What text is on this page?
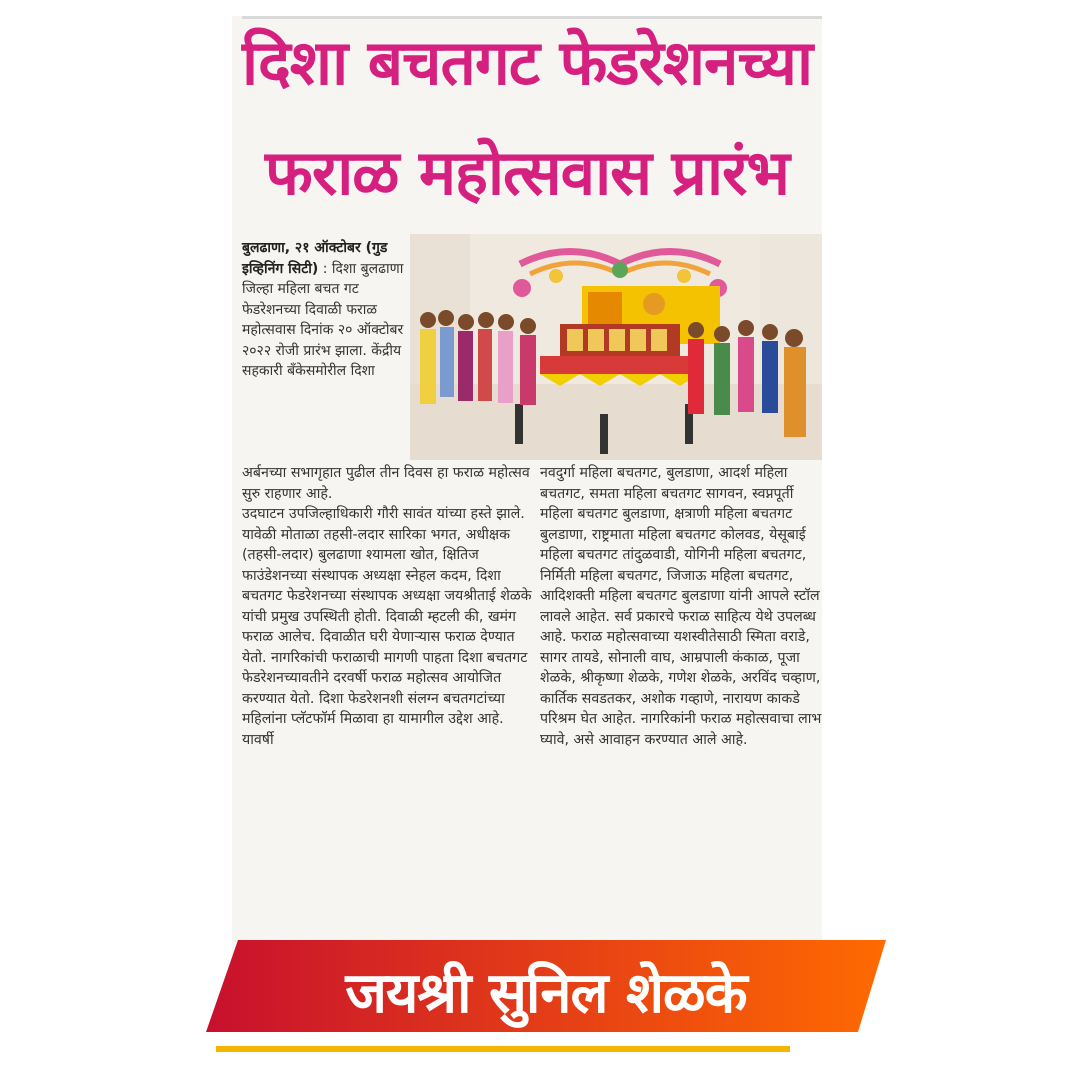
दिशा बचतगट फेडरेशनच्या
फराळ महोत्सवास प्रारंभ
बुलढाणा, २१ ऑक्टोबर (गुड इव्हिनिंग सिटी) : दिशा बुलढाणा जिल्हा महिला बचत गट फेडरेशनच्या दिवाळी फराळ महोत्सवास दिनांक २० ऑक्टोबर २०२२ रोजी प्रारंभ झाला. केंद्रीय सहकारी बँकेसमोरील दिशा
अर्बनच्या सभागृहात पुढील तीन दिवस हा फराळ महोत्सव सुरु राहणार आहे.
उदघाटन उपजिल्हाधिकारी गौरी सावंत यांच्या हस्ते झाले. यावेळी मोताळा तहसी-लदार सारिका भगत, अधीक्षक (तहसी-लदार) बुलढाणा श्यामला खोत, क्षितिज फाउंडेशनच्या संस्थापक अध्यक्षा स्नेहल कदम, दिशा बचतगट फेडरेशनच्या संस्थापक अध्यक्षा जयश्रीताई शेळके यांची प्रमुख उपस्थिती होती. दिवाळी म्हटली की, खमंग फराळ आलेच. दिवाळीत घरी येणाऱ्यास फराळ देण्यात येतो. नागरिकांची फराळाची मागणी पाहता दिशा बचतगट फेडरेशनच्यावतीने दरवर्षी फराळ महोत्सव आयोजित करण्यात येतो. दिशा फेडरेशनशी संलग्न बचतगटांच्या महिलांना प्लॅटफॉर्म मिळावा हा यामागील उद्देश आहे. यावर्षी
नवदुर्गा महिला बचतगट, बुलडाणा, आदर्श महिला बचतगट, समता महिला बचतगट सागवन, स्वप्नपूर्ती महिला बचतगट बुलडाणा, क्षत्राणी महिला बचतगट बुलडाणा, राष्ट्रमाता महिला बचतगट कोलवड, येसूबाई महिला बचतगट तांदुळवाडी, योगिनी महिला बचतगट, निर्मिती महिला बचतगट, जिजाऊ महिला बचतगट, आदिशक्ती महिला बचतगट बुलडाणा यांनी आपले स्टॉल लावले आहेत. सर्व प्रकारचे फराळ साहित्य येथे उपलब्ध आहे. फराळ महोत्सवाच्या यशस्वीतेसाठी स्मिता वराडे, सागर तायडे, सोनाली वाघ, आम्रपाली कंकाळ, पूजा शेळके, श्रीकृष्णा शेळके, गणेश शेळके, अरविंद चव्हाण, कार्तिक सवडतकर, अशोक गव्हाणे, नारायण काकडे परिश्रम घेत आहेत. नागरिकांनी फराळ महोत्सवाचा लाभ घ्यावे, असे आवाहन करण्यात आले आहे.
जयश्री सुनिल शेळके
